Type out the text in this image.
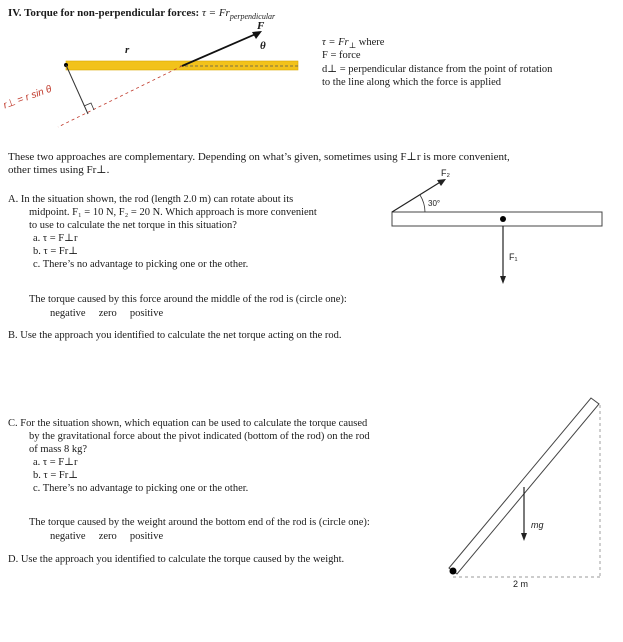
IV. Torque for non-perpendicular forces: $\tau = Fr_{perpendicular}$
F
r	θ
r⊥ = r sin θ
$\tau = Fr_\perp$ where
F = force
d⊥ = perpendicular distance from the point of rotation
to the line along which the force is applied
These two approaches are complementary. Depending on what’s given, sometimes using F⊥r is more convenient,
other times using Fr⊥.
A. In the situation shown, the rod (length 2.0 m) can rotate about its
midpoint. F₁ = 10 N, F₂ = 20 N. Which approach is more convenient
to use to calculate the net torque in this situation?
a. τ = F⊥r
b. τ = Fr⊥
c. There’s no advantage to picking one or the other.
The torque caused by this force around the middle of the rod is (circle one):
negative     zero     positive
B. Use the approach you identified to calculate the net torque acting on the rod.
F₂
30°
F₁
C. For the situation shown, which equation can be used to calculate the torque caused
by the gravitational force about the pivot indicated (bottom of the rod) on the rod
of mass 8 kg?
a. τ = F⊥r
b. τ = Fr⊥
c. There’s no advantage to picking one or the other.
The torque caused by the weight around the bottom end of the rod is (circle one):
negative     zero     positive
D. Use the approach you identified to calculate the torque caused by the weight.
mg
2 m
